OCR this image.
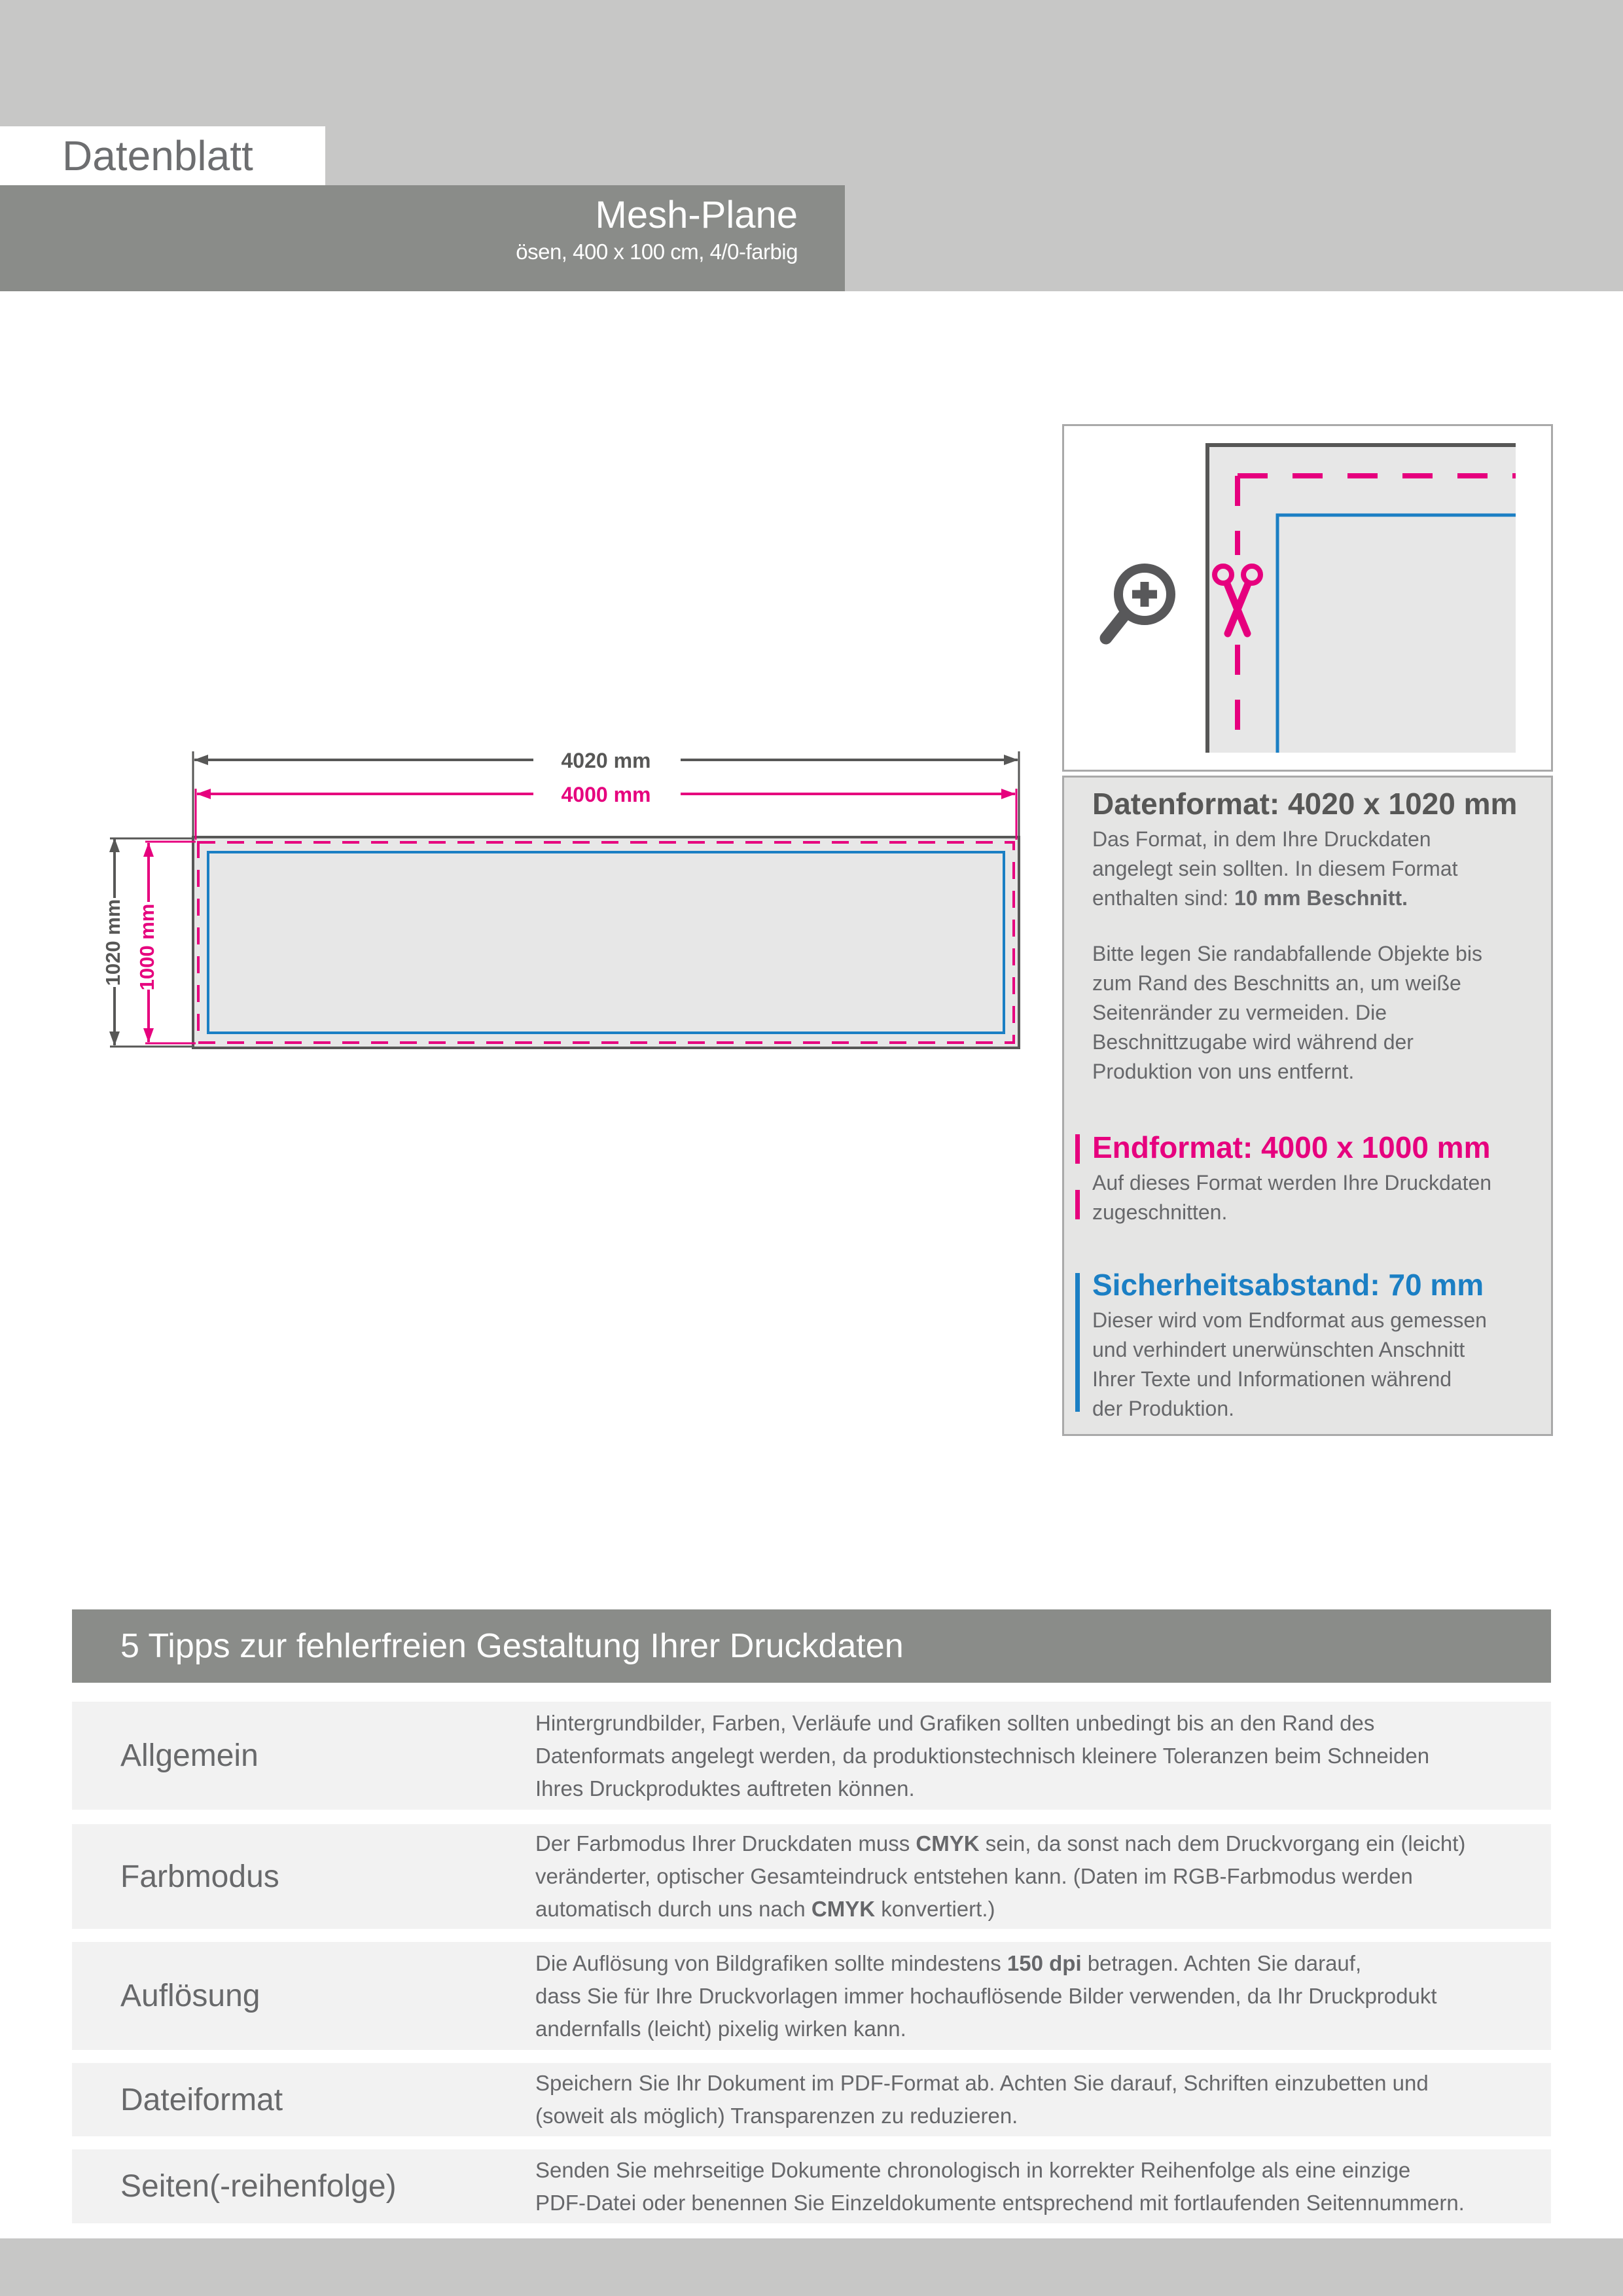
Mesh-Plane
ösen, 400 x 100 cm, 4/0-farbig
Datenblatt
4020 mm
4000 mm
1020 mm 1000 mm
Datenformat: 4020 x 1020 mm
Das Format, in dem Ihre Druckdaten
angelegt sein sollten. In diesem Format
enthalten sind: 10 mm Beschnitt.
Bitte legen Sie randabfallende Objekte bis
zum Rand des Beschnitts an, um weiße
Seitenränder zu vermeiden. Die
Beschnittzugabe wird während der
Produktion von uns entfernt.
Endformat: 4000 x 1000 mm
Auf dieses Format werden Ihre Druckdaten
zugeschnitten.
Sicherheitsabstand: 70 mm
Dieser wird vom Endformat aus gemessen
und verhindert unerwünschten Anschnitt
Ihrer Texte und Informationen während
der Produktion.
5 Tipps zur fehlerfreien Gestaltung Ihrer Druckdaten
Allgemein
Hintergrundbilder, Farben, Verläufe und Grafiken sollten unbedingt bis an den Rand des
Datenformats angelegt werden, da produktionstechnisch kleinere Toleranzen beim Schneiden
Ihres Druckproduktes auftreten können.
Farbmodus
Der Farbmodus Ihrer Druckdaten muss CMYK sein, da sonst nach dem Druckvorgang ein (leicht)
veränderter, optischer Gesamteindruck entstehen kann. (Daten im RGB-Farbmodus werden
automatisch durch uns nach CMYK konvertiert.)
Auflösung
Die Auflösung von Bildgrafiken sollte mindestens 150 dpi betragen. Achten Sie darauf,
dass Sie für Ihre Druckvorlagen immer hochauflösende Bilder verwenden, da Ihr Druckprodukt
andernfalls (leicht) pixelig wirken kann.
Dateiformat	Speichern Sie Ihr Dokument im PDF-Format ab. Achten Sie darauf, Schriften einzubetten und
(soweit als möglich) Transparenzen zu reduzieren.
Seiten(-reihenfolge)	Senden Sie mehrseitige Dokumente chronologisch in korrekter Reihenfolge als eine einzige
PDF-Datei oder benennen Sie Einzeldokumente entsprechend mit fortlaufenden Seitennummern.
